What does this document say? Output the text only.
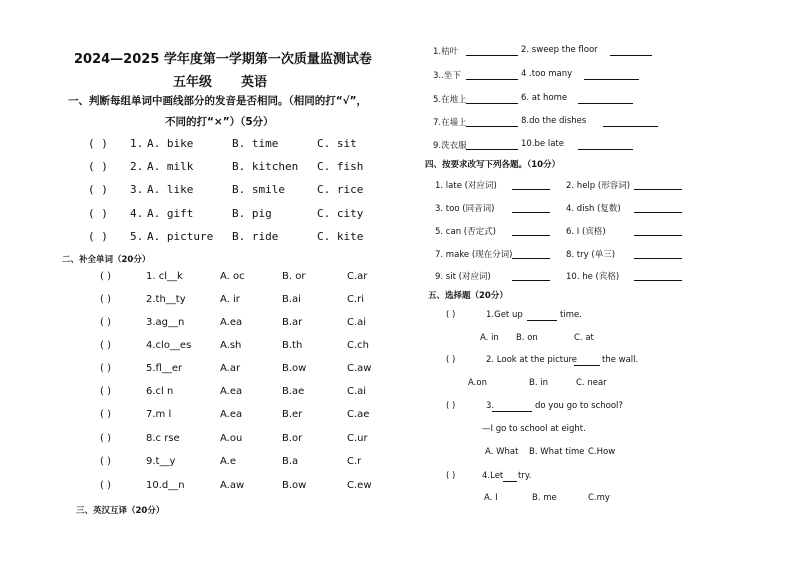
2024—2025 学年度第一学期第一次质量监测试卷
五年级 英语
一、判断每组单词中画线部分的发音是否相同。（相同的打“√”，
不同的打“×”）（5分）
( ) 1. A. bike	B. time	C. sit
( ) 2. A. milk	B. kitchen C. fish
( ) 3. A. like	B. smile	C. rice
( ) 4. A. gift	B. pig	C. city
( ) 5. A. picture B. ride	C. kite
二、补全单词（20分）
( )	1. cl__k	A. oc	B. or	C.ar
( )	2.th__ty	A. ir	B.ai	C.ri
( )	3.ag__n	A.ea	B.ar	C.ai
( )	4.clo__es	A.sh	B.th	C.ch
( )	5.fl__er	A.ar	B.ow	C.aw
( )	6.cl n	A.ea	B.ae	C.ai
( )	7.m l	A.ea	B.er	C.ae
( )	8.c rse	A.ou	B.or	C.ur
( )	9.t__y	A.e	B.a	C.r
( )	10.d__n	A.aw	B.ow	C.ew
三、英汉互译（20分）
1.桔叶	2. sweep the floor
3..坐下	4 .too many
5.在地上	6. at home
7.在墙上	8.do the dishes
9.洗衣服	10.be late
四、按要求改写下列各题。（10分）
1. late (对应词)	2. help (形容词)
3. too (同音词)	4. dish (复数)
5. can (否定式)	6. I (宾格)
7. make (现在分词)	8. try (单三)
9. sit (对应词)	10. he (宾格)
五、选择题（20分）
( )	1.Get up	time.
A. in B. on	C. at
( )	2. Look at the picture	the wall.
A.on	B. in	C. near
( )	3.	do you go to school?
A. What B. What time C.How
—I go to school at eight.
( )	4.Let try.
A. I	B. me	C.my
